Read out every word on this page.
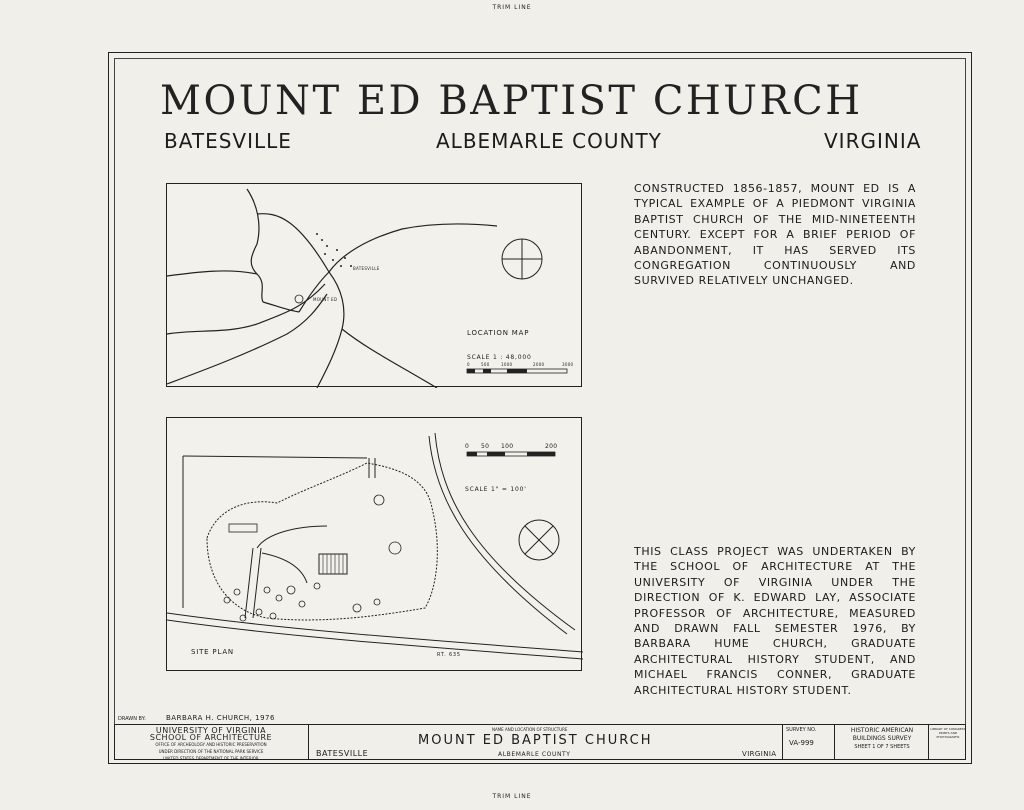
TRIM LINE
TRIM LINE
MOUNT ED BAPTIST CHURCH
BATESVILLE	ALBEMARLE COUNTY	VIRGINIA
LOCATION MAP
SCALE 1 : 48,000
0	500	1000	2000	3000
BATESVILLE
MOUNT ED
0 50 100	200
SCALE 1" = 100'
SITE PLAN	RT. 635
CONSTRUCTED 1856-1857, MOUNT ED IS A TYPICAL EXAMPLE OF A PIEDMONT VIRGINIA BAPTIST CHURCH OF THE MID-NINETEENTH CENTURY. EXCEPT FOR A BRIEF PERIOD OF ABANDONMENT, IT HAS SERVED ITS CONGREGATION CONTINUOUSLY AND SURVIVED RELATIVELY UNCHANGED.
THIS CLASS PROJECT WAS UNDERTAKEN BY THE SCHOOL OF ARCHITECTURE AT THE UNIVERSITY OF VIRGINIA UNDER THE DIRECTION OF K. EDWARD LAY, ASSOCIATE PROFESSOR OF ARCHITECTURE, MEASURED AND DRAWN FALL SEMESTER 1976, BY BARBARA HUME CHURCH, GRADUATE ARCHITECTURAL HISTORY STUDENT, AND MICHAEL FRANCIS CONNER, GRADUATE ARCHITECTURAL HISTORY STUDENT.
DRAWN BY:	BARBARA H. CHURCH, 1976
UNIVERSITY OF VIRGINIA
SCHOOL OF ARCHITECTURE
OFFICE OF ARCHEOLOGY AND HISTORIC PRESERVATION
UNDER DIRECTION OF THE NATIONAL PARK SERVICE
UNITED STATES DEPARTMENT OF THE INTERIOR
NAME AND LOCATION OF STRUCTURE
MOUNT ED BAPTIST CHURCH
BATESVILLE	ALBEMARLE COUNTY	VIRGINIA
SURVEY NO.
VA-999
HISTORIC AMERICAN
BUILDINGS SURVEY
SHEET 1 OF 7 SHEETS
LIBRARY OF CONGRESS
PRINTS AND PHOTOGRAPHS
